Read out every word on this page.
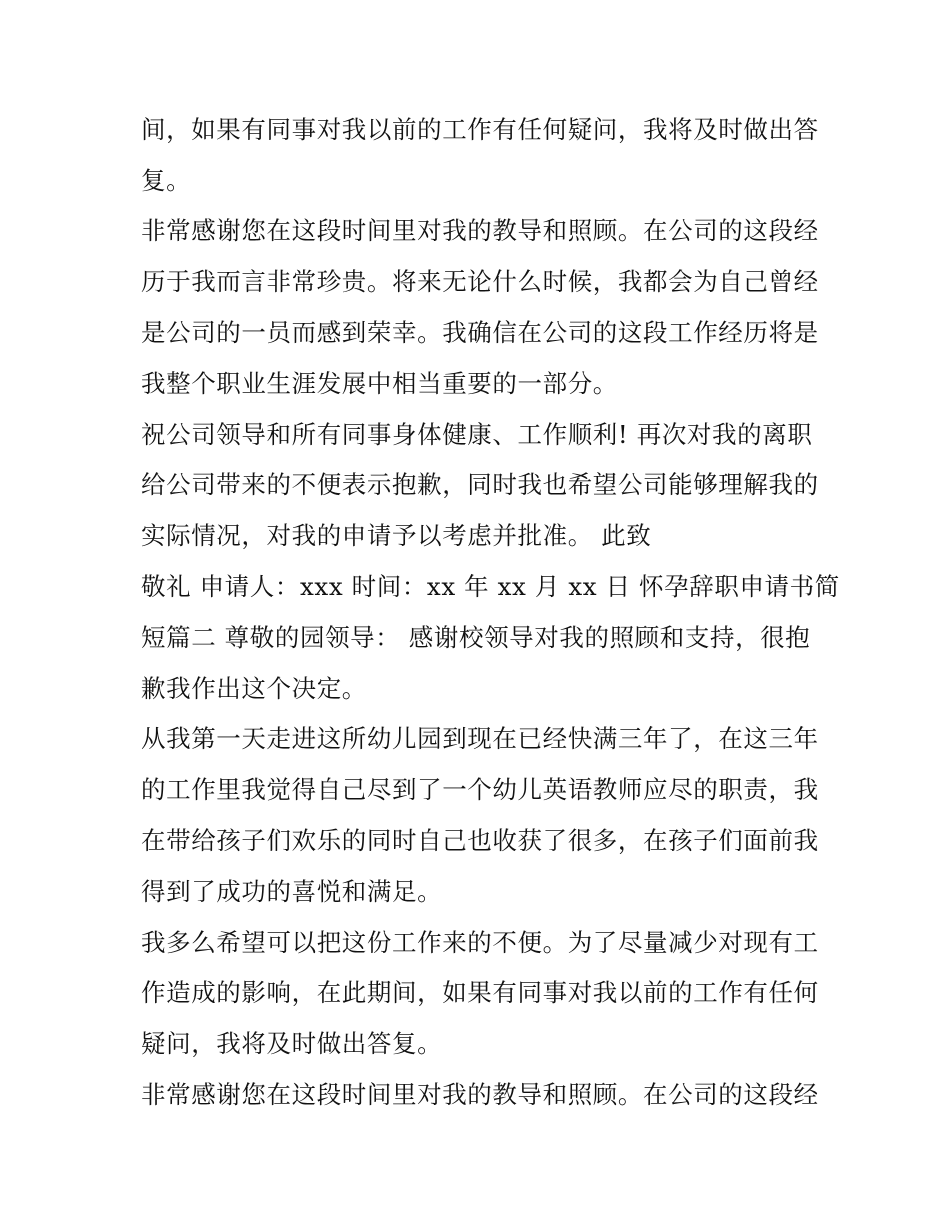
间，如果有同事对我以前的工作有任何疑问，我将及时做出答

复。

非常感谢您在这段时间里对我的教导和照顾。在公司的这段经

历于我而言非常珍贵。将来无论什么时候，我都会为自己曾经

是公司的一员而感到荣幸。我确信在公司的这段工作经历将是

我整个职业生涯发展中相当重要的一部分。

祝公司领导和所有同事身体健康、工作顺利! 再次对我的离职

给公司带来的不便表示抱歉，同时我也希望公司能够理解我的

实际情况，对我的申请予以考虑并批准。 此致

敬礼 申请人：xxx 时间：xx 年 xx 月 xx 日 怀孕辞职申请书简

短篇二 尊敬的园领导： 感谢校领导对我的照顾和支持，很抱

歉我作出这个决定。

从我第一天走进这所幼儿园到现在已经快满三年了，在这三年

的工作里我觉得自己尽到了一个幼儿英语教师应尽的职责，我

在带给孩子们欢乐的同时自己也收获了很多，在孩子们面前我

得到了成功的喜悦和满足。

我多么希望可以把这份工作来的不便。为了尽量减少对现有工

作造成的影响，在此期间，如果有同事对我以前的工作有任何

疑问，我将及时做出答复。

非常感谢您在这段时间里对我的教导和照顾。在公司的这段经
